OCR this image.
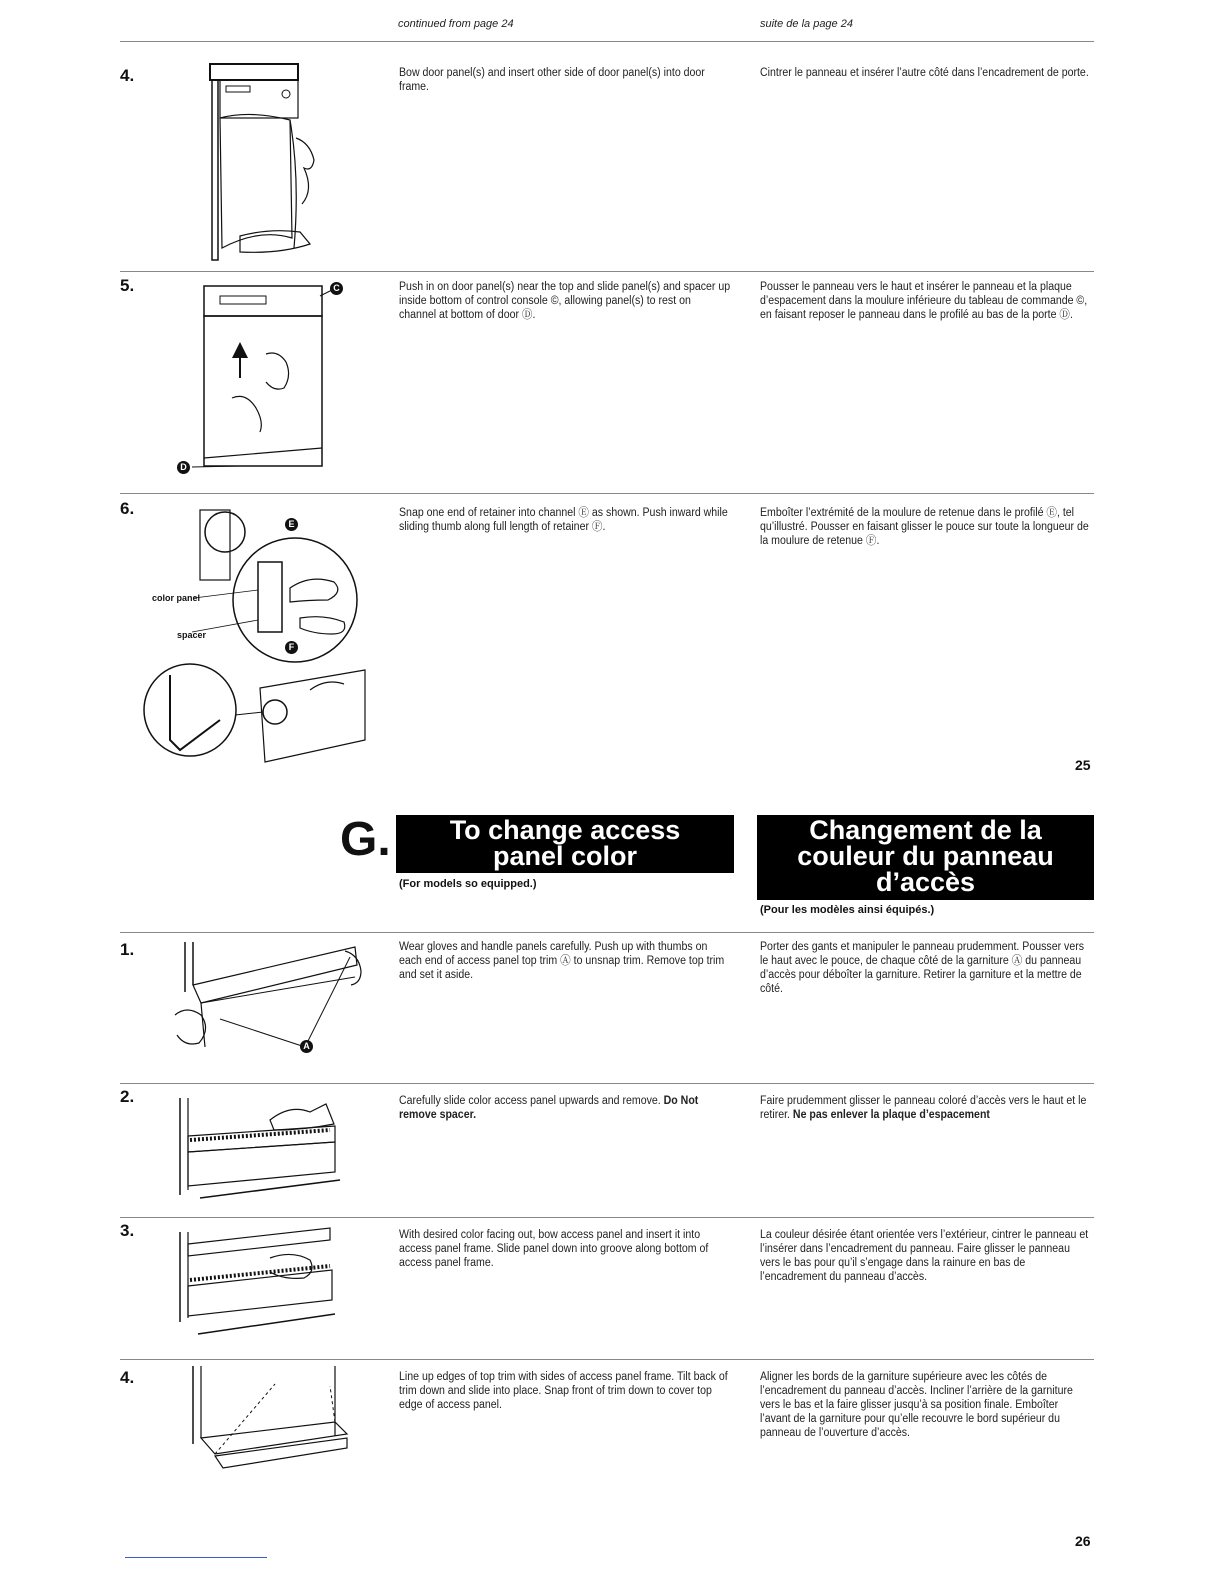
continued from page 24	suite de la page 24
4.	Bow door panel(s) and insert other side of door panel(s) into door frame.
Cintrer le panneau et insérer l’autre côté dans l’encadrement de porte.
5.	C
D
Push in on door panel(s) near the top and slide panel(s) and spacer up inside bottom of control console ©, allowing panel(s) to rest on channel at bottom of door Ⓓ.
Pousser le panneau vers le haut et insérer le panneau et la plaque d’espacement dans la moulure inférieure du tableau de commande ©, en faisant reposer le panneau dans le profilé au bas de la porte Ⓓ.
6.
E
F
color panel
spacer
Snap one end of retainer into channel Ⓔ as shown. Push inward while sliding thumb along full length of retainer Ⓕ.
Emboîter l’extrémité de la moulure de retenue dans le profilé Ⓔ, tel qu’illustré. Pousser en faisant glisser le pouce sur toute la longueur de la moulure de retenue Ⓕ.
25
G.	To change access
panel color
(For models so equipped.)
Changement de la
couleur du panneau
d’accès
(Pour les modèles ainsi équipés.)
1.
A
Wear gloves and handle panels carefully. Push up with thumbs on each end of access panel top trim Ⓐ to unsnap trim. Remove top trim and set it aside.
Porter des gants et manipuler le panneau prudemment. Pousser vers le haut avec le pouce, de chaque côté de la garniture Ⓐ du panneau d’accès pour déboîter la garniture. Retirer la garniture et la mettre de côté.
2.	Carefully slide color access panel upwards and remove. Do Not remove spacer.
Faire prudemment glisser le panneau coloré d’accès vers le haut et le retirer. Ne pas enlever la plaque d’espacement
3.	With desired color facing out, bow access panel and insert it into access panel frame. Slide panel down into groove along bottom of access panel frame.
La couleur désirée étant orientée vers l’extérieur, cintrer le panneau et l’insérer dans l’encadrement du panneau. Faire glisser le panneau vers le bas pour qu’il s’engage dans la rainure en bas de l’encadrement du panneau d’accès.
4.	Line up edges of top trim with sides of access panel frame. Tilt back of trim down and slide into place. Snap front of trim down to cover top edge of access panel.
Aligner les bords de la garniture supérieure avec les côtés de l’encadrement du panneau d’accès. Incliner l’arrière de la garniture vers le bas et la faire glisser jusqu’à sa position finale. Emboîter l’avant de la garniture pour qu’elle recouvre le bord supérieur du panneau de l’ouverture d’accès.
26
